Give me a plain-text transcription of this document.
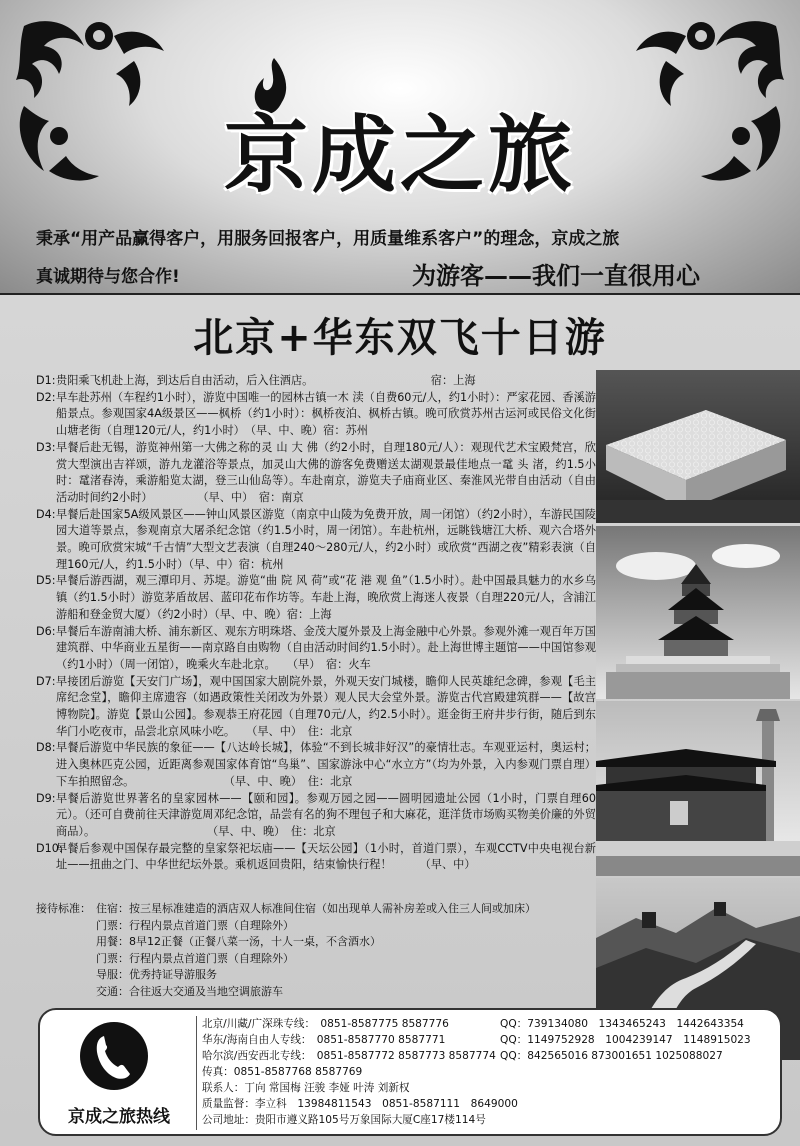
京成之旅
秉承“用产品赢得客户，用服务回报客户，用质量维系客户”的理念，京成之旅
真诚期待与您合作!	为游客——我们一直很用心
北京+华东双飞十日游
D1: 贵阳乘飞机赴上海，到达后自由活动，后入住酒店。　　　　　　　　　　　宿：上海
D2: 早车赴苏州（车程约1小时），游览中国唯一的园林古镇一木 渎（自费60元/人，约1小时）：严家花园、香溪游船景点。参观国家4A级景区——枫桥（约1小时）：枫桥夜泊、枫桥古镇。晚可欣赏苏州古运河或民俗文化街山塘老街（自理120元/人，约1小时）　（早、中、晚）宿：苏州
D3: 早餐后赴无锡，游览神州第一大佛之称的灵 山 大 佛（约2小时，自理180元/人）：观现代艺术宝殿梵宫，欣赏大型演出吉祥颂，游九龙灌浴等景点，加灵山大佛的游客免费赠送太湖观景最佳地点一鼋 头 渚，约1.5小时：鼋渚春涛，乘游船览太湖，登三山仙岛等）。车赴南京，游览夫子庙商业区、秦淮风光带自由活动（自由活动时间约2小时）　　　　　（早、中）　宿：南京
D4: 早餐后赴国家5A级风景区——钟山风景区游览（南京中山陵为免费开放，周一闭馆）（约2小时），车游民国陵园大道等景点，参观南京大屠杀纪念馆（约1.5小时，周一闭馆）。车赴杭州，远眺钱塘江大桥、观六合塔外景。晚可欣赏宋城“千古情”大型文艺表演（自理240～280元/人，约2小时）或欣赏“西湖之夜”精彩表演（自理160元/人，约1.5小时）（早、中）宿：杭州
D5: 早餐后游西湖，观三潭印月、苏堤。游览“曲 院 风 荷”或“花 港 观 鱼”（1.5小时）。赴中国最具魅力的水乡乌 镇（约1.5小时）游览茅盾故居、蓝印花布作坊等。车赴上海，晚欣赏上海迷人夜景（自理220元/人，含浦江游船和登金贸大厦）（约2小时）（早、中、晚）宿：上海
D6: 早餐后车游南浦大桥、浦东新区、观东方明珠塔、金茂大厦外景及上海金融中心外景。参观外滩一观百年万国建筑群、中华商业五星街——南京路自由购物（自由活动时间约1.5小时）。赴上海世博主题馆——中国馆参观（约1小时）（周一闭馆），晚乘火车赴北京。　　（早）　宿：火车
D7: 早接团后游览【天安门广场】，观中国国家大剧院外景，外观天安门城楼，瞻仰人民英雄纪念碑，参观【毛主席纪念堂】，瞻仰主席遗容（如遇政策性关闭改为外景）观人民大会堂外景。游览古代宫殿建筑群——【故宫博物院】。游览【景山公园】。参观恭王府花园（自理70元/人，约2.5小时）。逛金街王府井步行街，随后到东华门小吃夜市，品尝北京风味小吃。　　（早、中）　住：北京
D8: 早餐后游览中华民族的象征——【八达岭长城】，体验“不到长城非好汉”的豪情壮志。车观亚运村，奥运村；进入奥林匹克公园，近距离参观国家体育馆“鸟巢”、国家游泳中心“水立方”（均为外景，入内参观门票自理）下车拍照留念。　　　　　　　　　（早、中、晚）　住：北京
D9: 早餐后游览世界著名的皇家园林——【颐和园】。参观万园之园——圆明园遗址公园（1小时，门票自理60元）。（还可自费前往天津游览周邓纪念馆，品尝有名的狗不理包子和大麻花，逛洋货市场购买物美价廉的外贸商品）。　　　　　　　　　　　（早、中、晚）　住：北京
D10:
早餐后参观中国保存最完整的皇家祭祀坛庙——【天坛公园】（1小时，首道门票），车观CCTV中央电视台新址——扭曲之门、中华世纪坛外景。乘机返回贵阳，结束愉快行程！　　　（早、中）
接待标准： 住宿：按三星标准建造的酒店双人标准间住宿（如出现单人需补房差或入住三人间或加床）
门票：行程内景点首道门票（自理除外）
用餐：8早12正餐（正餐八菜一汤，十人一桌，不含酒水）
门票：行程内景点首道门票（自理除外）
导服：优秀持证导游服务
交通：合往返大交通及当地空调旅游车
京成之旅热线
北京/川藏/广深珠专线：　0851-8587775 8587776	QQ：739134080　1343465243　1442643354
华东/海南自由人专线：　0851-8587770 8587771	QQ：1149752928　1004239147　1148915023
哈尔滨/西安西北专线：　0851-8587772 8587773 8587774 QQ：842565016 873001651 1025088027
传真：0851-8587768 8587769
联系人：丁向 常国梅 汪骏 李娅 叶涛 刘新权
质量监督：李立科　13984811543　0851-8587111　8649000
公司地址：贵阳市遵义路105号万象国际大厦C座17楼114号
